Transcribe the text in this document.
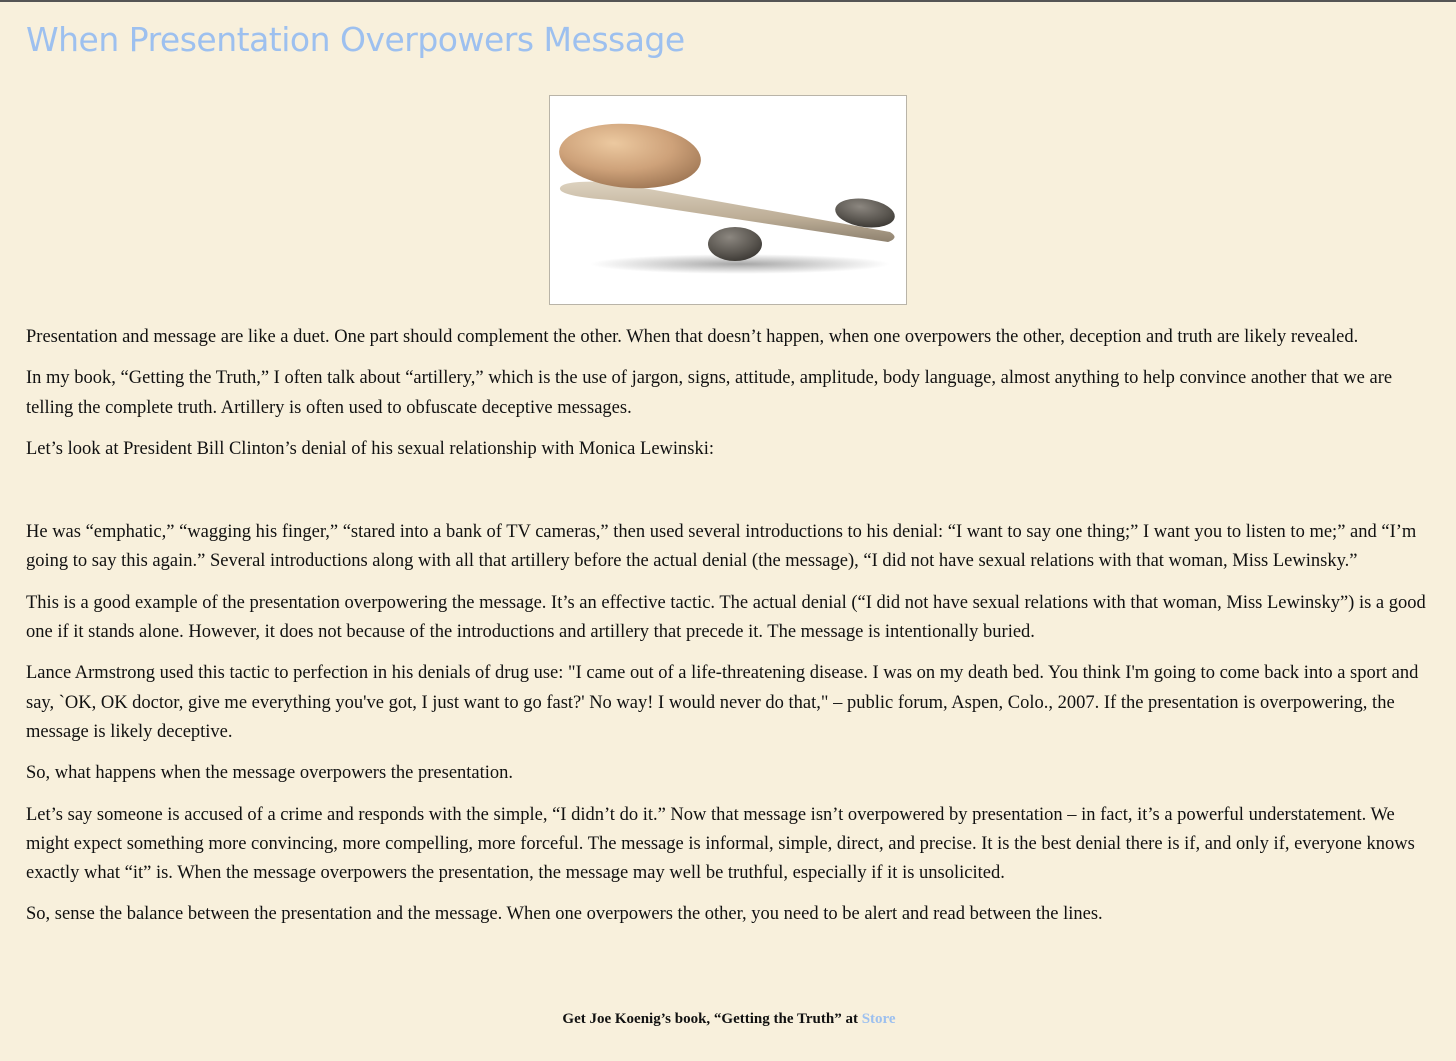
When Presentation Overpowers Message

Presentation and message are like a duet. One part should complement the other. When that doesn’t happen, when one overpowers the other, deception and truth are likely revealed.

In my book, “Getting the Truth,” I often talk about “artillery,” which is the use of jargon, signs, attitude, amplitude, body language, almost anything to help convince another that we are telling the complete truth. Artillery is often used to obfuscate deceptive messages.

Let’s look at President Bill Clinton’s denial of his sexual relationship with Monica Lewinski:

He was “emphatic,” “wagging his finger,” “stared into a bank of TV cameras,” then used several introductions to his denial: “I want to say one thing;” I want you to listen to me;” and “I’m going to say this again.” Several introductions along with all that artillery before the actual denial (the message), “I did not have sexual relations with that woman, Miss Lewinsky.”

This is a good example of the presentation overpowering the message. It’s an effective tactic. The actual denial (“I did not have sexual relations with that woman, Miss Lewinsky”) is a good one if it stands alone. However, it does not because of the introductions and artillery that precede it. The message is intentionally buried.

Lance Armstrong used this tactic to perfection in his denials of drug use: "I came out of a life-threatening disease. I was on my death bed. You think I'm going to come back into a sport and say, `OK, OK doctor, give me everything you've got, I just want to go fast?' No way! I would never do that," – public forum, Aspen, Colo., 2007. If the presentation is overpowering, the message is likely deceptive.

So, what happens when the message overpowers the presentation.

Let’s say someone is accused of a crime and responds with the simple, “I didn’t do it.” Now that message isn’t overpowered by presentation – in fact, it’s a powerful understatement. We might expect something more convincing, more compelling, more forceful. The message is informal, simple, direct, and precise. It is the best denial there is if, and only if, everyone knows exactly what “it” is. When the message overpowers the presentation, the message may well be truthful, especially if it is unsolicited.

So, sense the balance between the presentation and the message. When one overpowers the other, you need to be alert and read between the lines.

Get Joe Koenig’s book, “Getting the Truth” at Store
